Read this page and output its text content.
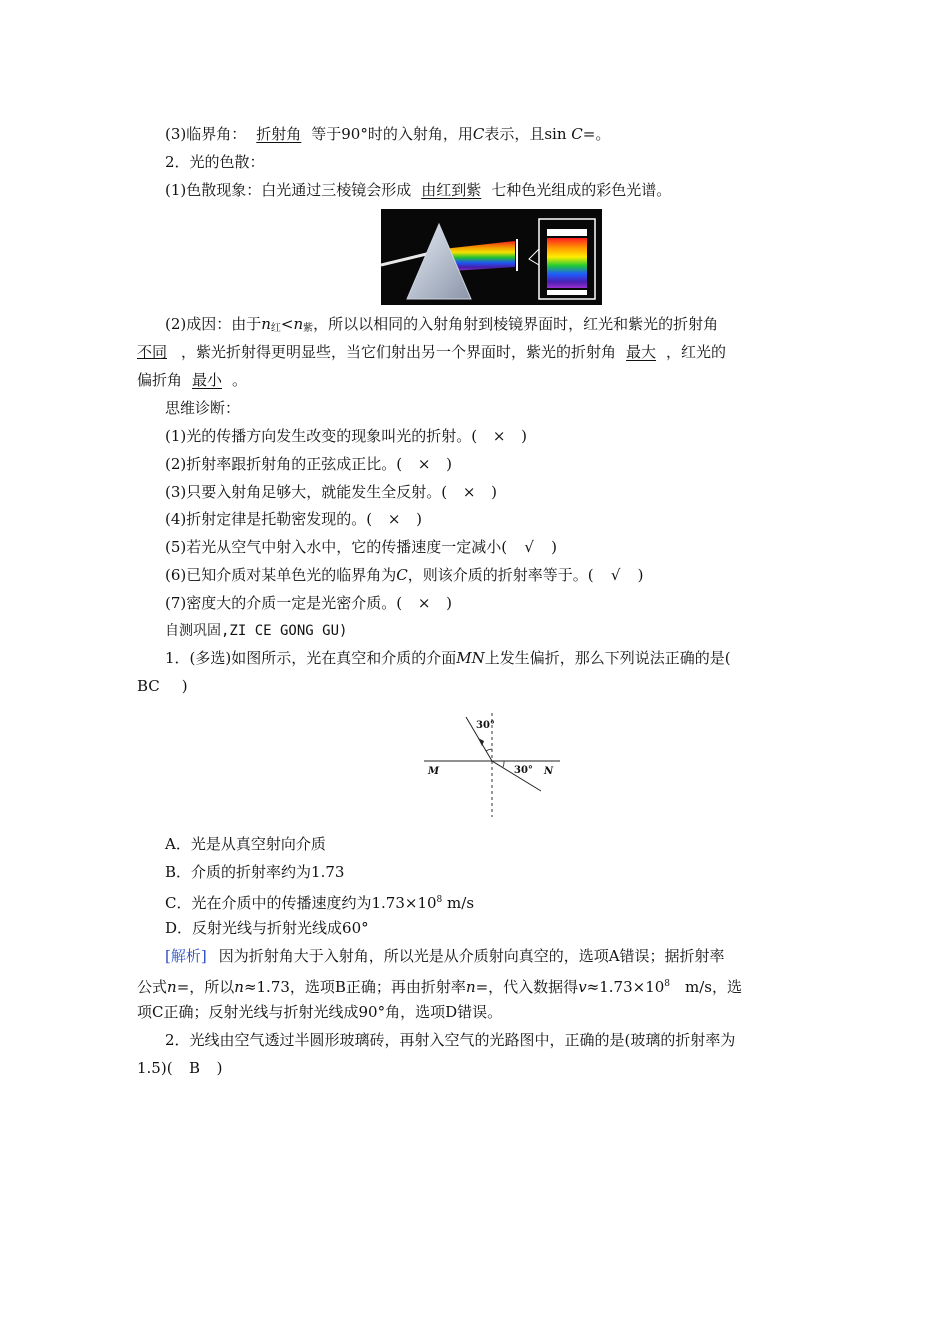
(3)临界角： 折射角 等于90°时的入射角，用C表示，且sin C=。
2．光的色散：
(1)色散现象：白光通过三棱镜会形成 由红到紫 七种色光组成的彩色光谱。
(2)成因：由于$n_红<n_紫$，所以以相同的入射角射到棱镜界面时，红光和紫光的折射角
不同 ，紫光折射得更明显些，当它们射出另一个界面时，紫光的折射角 最大 ，红光的
偏折角 最小 。
思维诊断：
(1)光的传播方向发生改变的现象叫光的折射。( × )
(2)折射率跟折射角的正弦成正比。( × )
(3)只要入射角足够大，就能发生全反射。( × )
(4)折射定律是托勒密发现的。( × )
(5)若光从空气中射入水中，它的传播速度一定减小( √ )
(6)已知介质对某单色光的临界角为C，则该介质的折射率等于。( √ )
(7)密度大的介质一定是光密介质。( × )
自测巩固,ZI CE GONG GU)
1．(多选)如图所示，光在真空和介质的介面MN上发生偏折，那么下列说法正确的是(
BC )
30°
30°
M	N
A．光是从真空射向介质
B．介质的折射率约为1.73
C．光在介质中的传播速度约为$1.73\times 10^8$ m/s
D．反射光线与折射光线成60°
[解析] 因为折射角大于入射角，所以光是从介质射向真空的，选项A错误；据折射率
公式n=，所以n≈1.73，选项B正确；再由折射率n=，代入数据得$v\approx 1.73\times 10^8$　m/s，选
项C正确；反射光线与折射光线成90°角，选项D错误。
2．光线由空气透过半圆形玻璃砖，再射入空气的光路图中，正确的是(玻璃的折射率为
1.5)( B )
